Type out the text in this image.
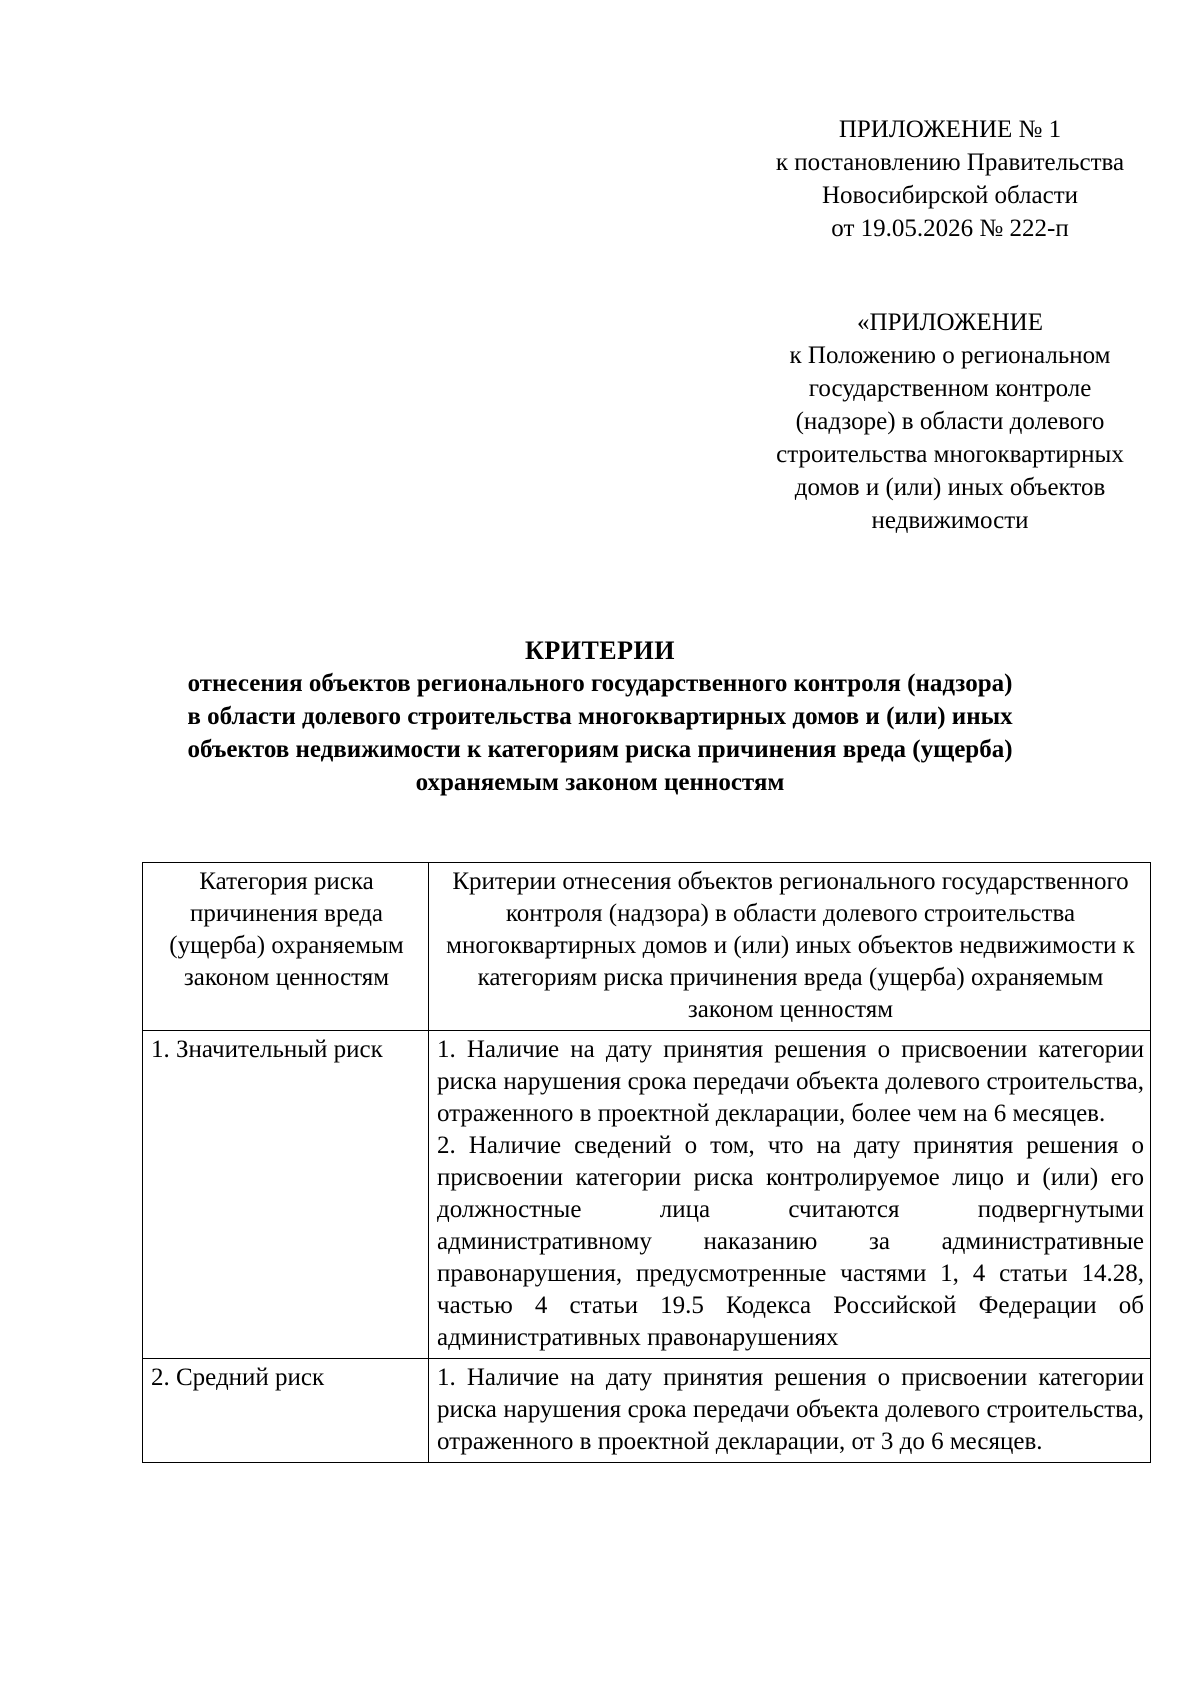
ПРИЛОЖЕНИЕ № 1
к постановлению Правительства
Новосибирской области
от 19.05.2026 № 222-п
«ПРИЛОЖЕНИЕ
к Положению о региональном
государственном контроле
(надзоре) в области долевого
строительства многоквартирных
домов и (или) иных объектов
недвижимости
КРИТЕРИИ
отнесения объектов регионального государственного контроля (надзора)
в области долевого строительства многоквартирных домов и (или) иных
объектов недвижимости к категориям риска причинения вреда (ущерба)
охраняемым законом ценностям
Категория риска причинения вреда (ущерба) охраняемым законом ценностям	Критерии отнесения объектов регионального государственного контроля (надзора) в области долевого строительства многоквартирных домов и (или) иных объектов недвижимости к категориям риска причинения вреда (ущерба) охраняемым законом ценностям
1. Значительный риск	1. Наличие на дату принятия решения о присвоении категории риска нарушения срока передачи объекта долевого строительства, отраженного в проектной декларации, более чем на 6 месяцев.
2. Наличие сведений о том, что на дату принятия решения о присвоении категории риска контролируемое лицо и (или) его должностные лица считаются подвергнутыми административному наказанию за административные правонарушения, предусмотренные частями 1, 4 статьи 14.28, частью 4 статьи 19.5 Кодекса Российской Федерации об административных правонарушениях

2. Средний риск	1. Наличие на дату принятия решения о присвоении категории риска нарушения срока передачи объекта долевого строительства, отраженного в проектной декларации, от 3 до 6 месяцев.
